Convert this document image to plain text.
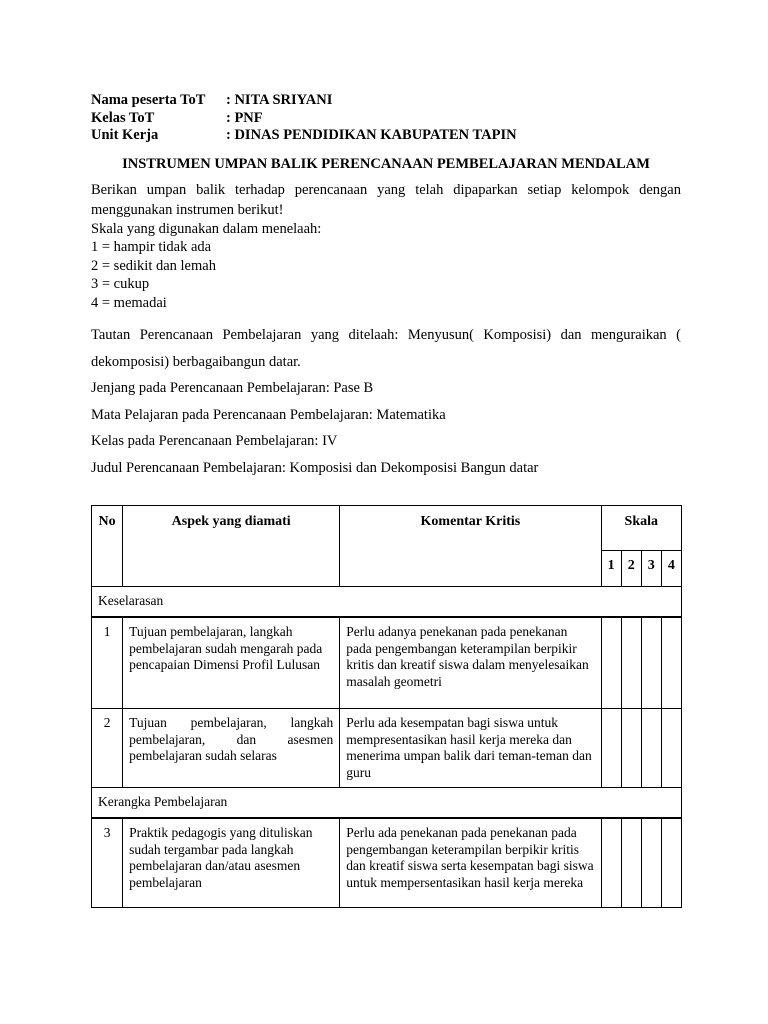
Nama peserta ToT	: NITA SRIYANI
Kelas ToT	: PNF
Unit Kerja	: DINAS PENDIDIKAN KABUPATEN TAPIN
INSTRUMEN UMPAN BALIK PERENCANAAN PEMBELAJARAN MENDALAM
Berikan umpan balik terhadap perencanaan yang telah dipaparkan setiap kelompok dengan menggunakan instrumen berikut!
Skala yang digunakan dalam menelaah:
1 = hampir tidak ada
2 = sedikit dan lemah
3 = cukup
4 = memadai
Tautan Perencanaan Pembelajaran yang ditelaah: Menyusun( Komposisi) dan menguraikan ( dekomposisi) berbagaibangun datar.
Jenjang pada Perencanaan Pembelajaran: Pase B
Mata Pelajaran pada Perencanaan Pembelajaran: Matematika
Kelas pada Perencanaan Pembelajaran: IV
Judul Perencanaan Pembelajaran: Komposisi dan Dekomposisi Bangun datar
No	Aspek yang diamati	Komentar Kritis	Skala			
			1	2	3	4
Keselarasan						
1	Tujuan pembelajaran, langkah pembelajaran sudah mengarah pada pencapaian Dimensi Profil Lulusan	Perlu adanya penekanan pada penekanan pada pengembangan keterampilan berpikir kritis dan kreatif siswa dalam menyelesaikan masalah geometri				
2	Tujuan pembelajaran, langkah pembelajaran, dan asesmen pembelajaran sudah selaras	Perlu ada kesempatan bagi siswa untuk mempresentasikan hasil kerja mereka dan menerima umpan balik dari teman-teman dan guru				
Kerangka Pembelajaran						
3	Praktik pedagogis yang dituliskan sudah tergambar pada langkah pembelajaran dan/atau asesmen pembelajaran	Perlu ada penekanan pada penekanan pada pengembangan keterampilan berpikir kritis dan kreatif siswa serta kesempatan bagi siswa untuk mempersentasikan hasil kerja mereka				
